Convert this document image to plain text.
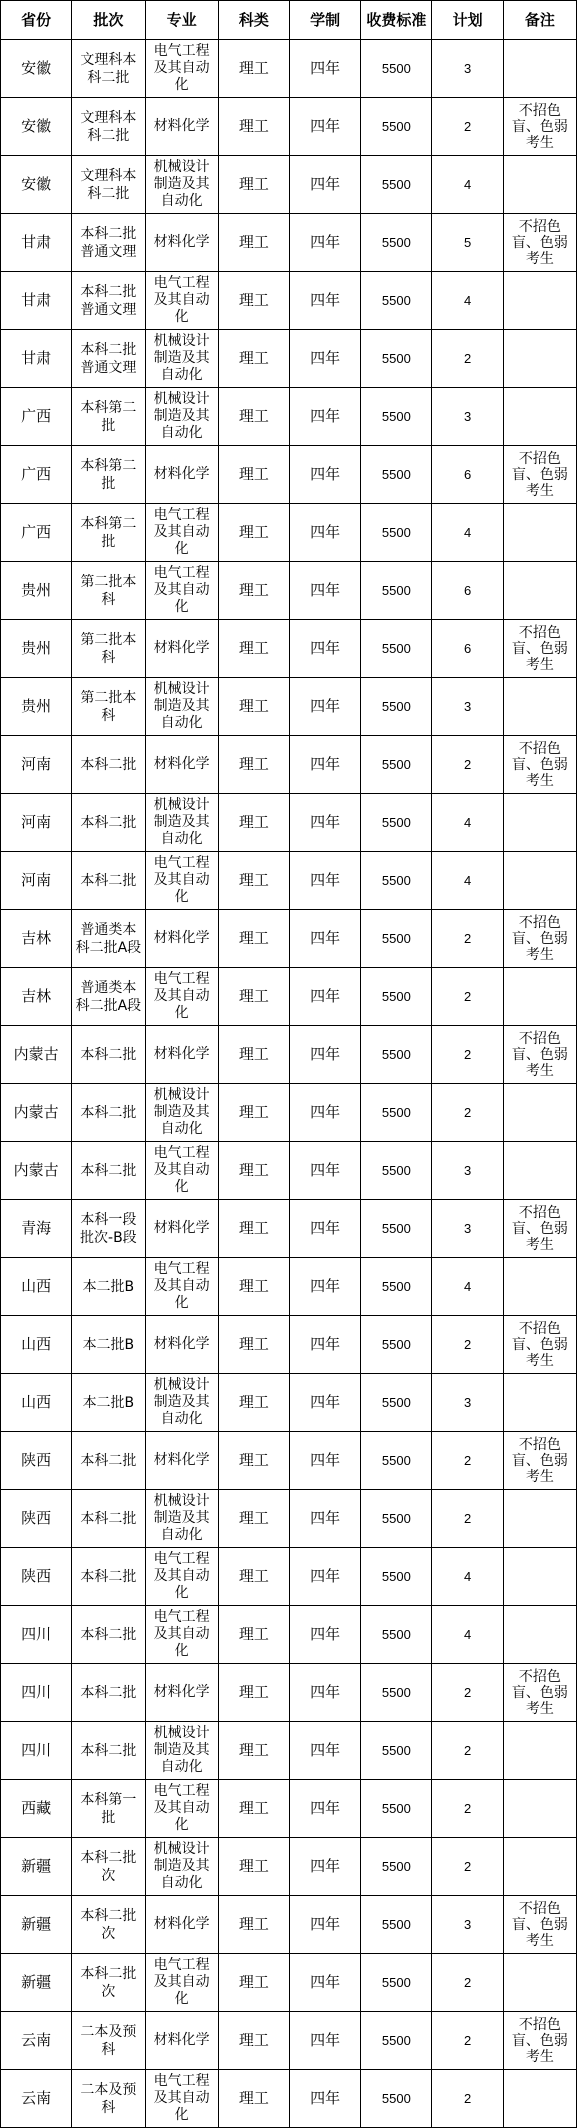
省份	批次	专业	科类	学制	收费标准	计划	备注
安徽	文理科本科二批	电气工程及其自动化	理工	四年	5500	3	
安徽	文理科本科二批	材料化学	理工	四年	5500	2	不招色盲、色弱考生
安徽	文理科本科二批	机械设计制造及其自动化	理工	四年	5500	4	
甘肃	本科二批普通文理	材料化学	理工	四年	5500	5	不招色盲、色弱考生
甘肃	本科二批普通文理	电气工程及其自动化	理工	四年	5500	4	
甘肃	本科二批普通文理	机械设计制造及其自动化	理工	四年	5500	2	
广西	本科第二批	机械设计制造及其自动化	理工	四年	5500	3	
广西	本科第二批	材料化学	理工	四年	5500	6	不招色盲、色弱考生
广西	本科第二批	电气工程及其自动化	理工	四年	5500	4	
贵州	第二批本科	电气工程及其自动化	理工	四年	5500	6	
贵州	第二批本科	材料化学	理工	四年	5500	6	不招色盲、色弱考生
贵州	第二批本科	机械设计制造及其自动化	理工	四年	5500	3	
河南	本科二批	材料化学	理工	四年	5500	2	不招色盲、色弱考生
河南	本科二批	机械设计制造及其自动化	理工	四年	5500	4	
河南	本科二批	电气工程及其自动化	理工	四年	5500	4	
吉林	普通类本科二批A段	材料化学	理工	四年	5500	2	不招色盲、色弱考生
吉林	普通类本科二批A段	电气工程及其自动化	理工	四年	5500	2	
内蒙古	本科二批	材料化学	理工	四年	5500	2	不招色盲、色弱考生
内蒙古	本科二批	机械设计制造及其自动化	理工	四年	5500	2	
内蒙古	本科二批	电气工程及其自动化	理工	四年	5500	3	
青海	本科一段批次-B段	材料化学	理工	四年	5500	3	不招色盲、色弱考生
山西	本二批B	电气工程及其自动化	理工	四年	5500	4	
山西	本二批B	材料化学	理工	四年	5500	2	不招色盲、色弱考生
山西	本二批B	机械设计制造及其自动化	理工	四年	5500	3	
陕西	本科二批	材料化学	理工	四年	5500	2	不招色盲、色弱考生
陕西	本科二批	机械设计制造及其自动化	理工	四年	5500	2	
陕西	本科二批	电气工程及其自动化	理工	四年	5500	4	
四川	本科二批	电气工程及其自动化	理工	四年	5500	4	
四川	本科二批	材料化学	理工	四年	5500	2	不招色盲、色弱考生
四川	本科二批	机械设计制造及其自动化	理工	四年	5500	2	
西藏	本科第一批	电气工程及其自动化	理工	四年	5500	2	
新疆	本科二批次	机械设计制造及其自动化	理工	四年	5500	2	
新疆	本科二批次	材料化学	理工	四年	5500	3	不招色盲、色弱考生
新疆	本科二批次	电气工程及其自动化	理工	四年	5500	2	
云南	二本及预科	材料化学	理工	四年	5500	2	不招色盲、色弱考生
云南	二本及预科	电气工程及其自动化	理工	四年	5500	2	
